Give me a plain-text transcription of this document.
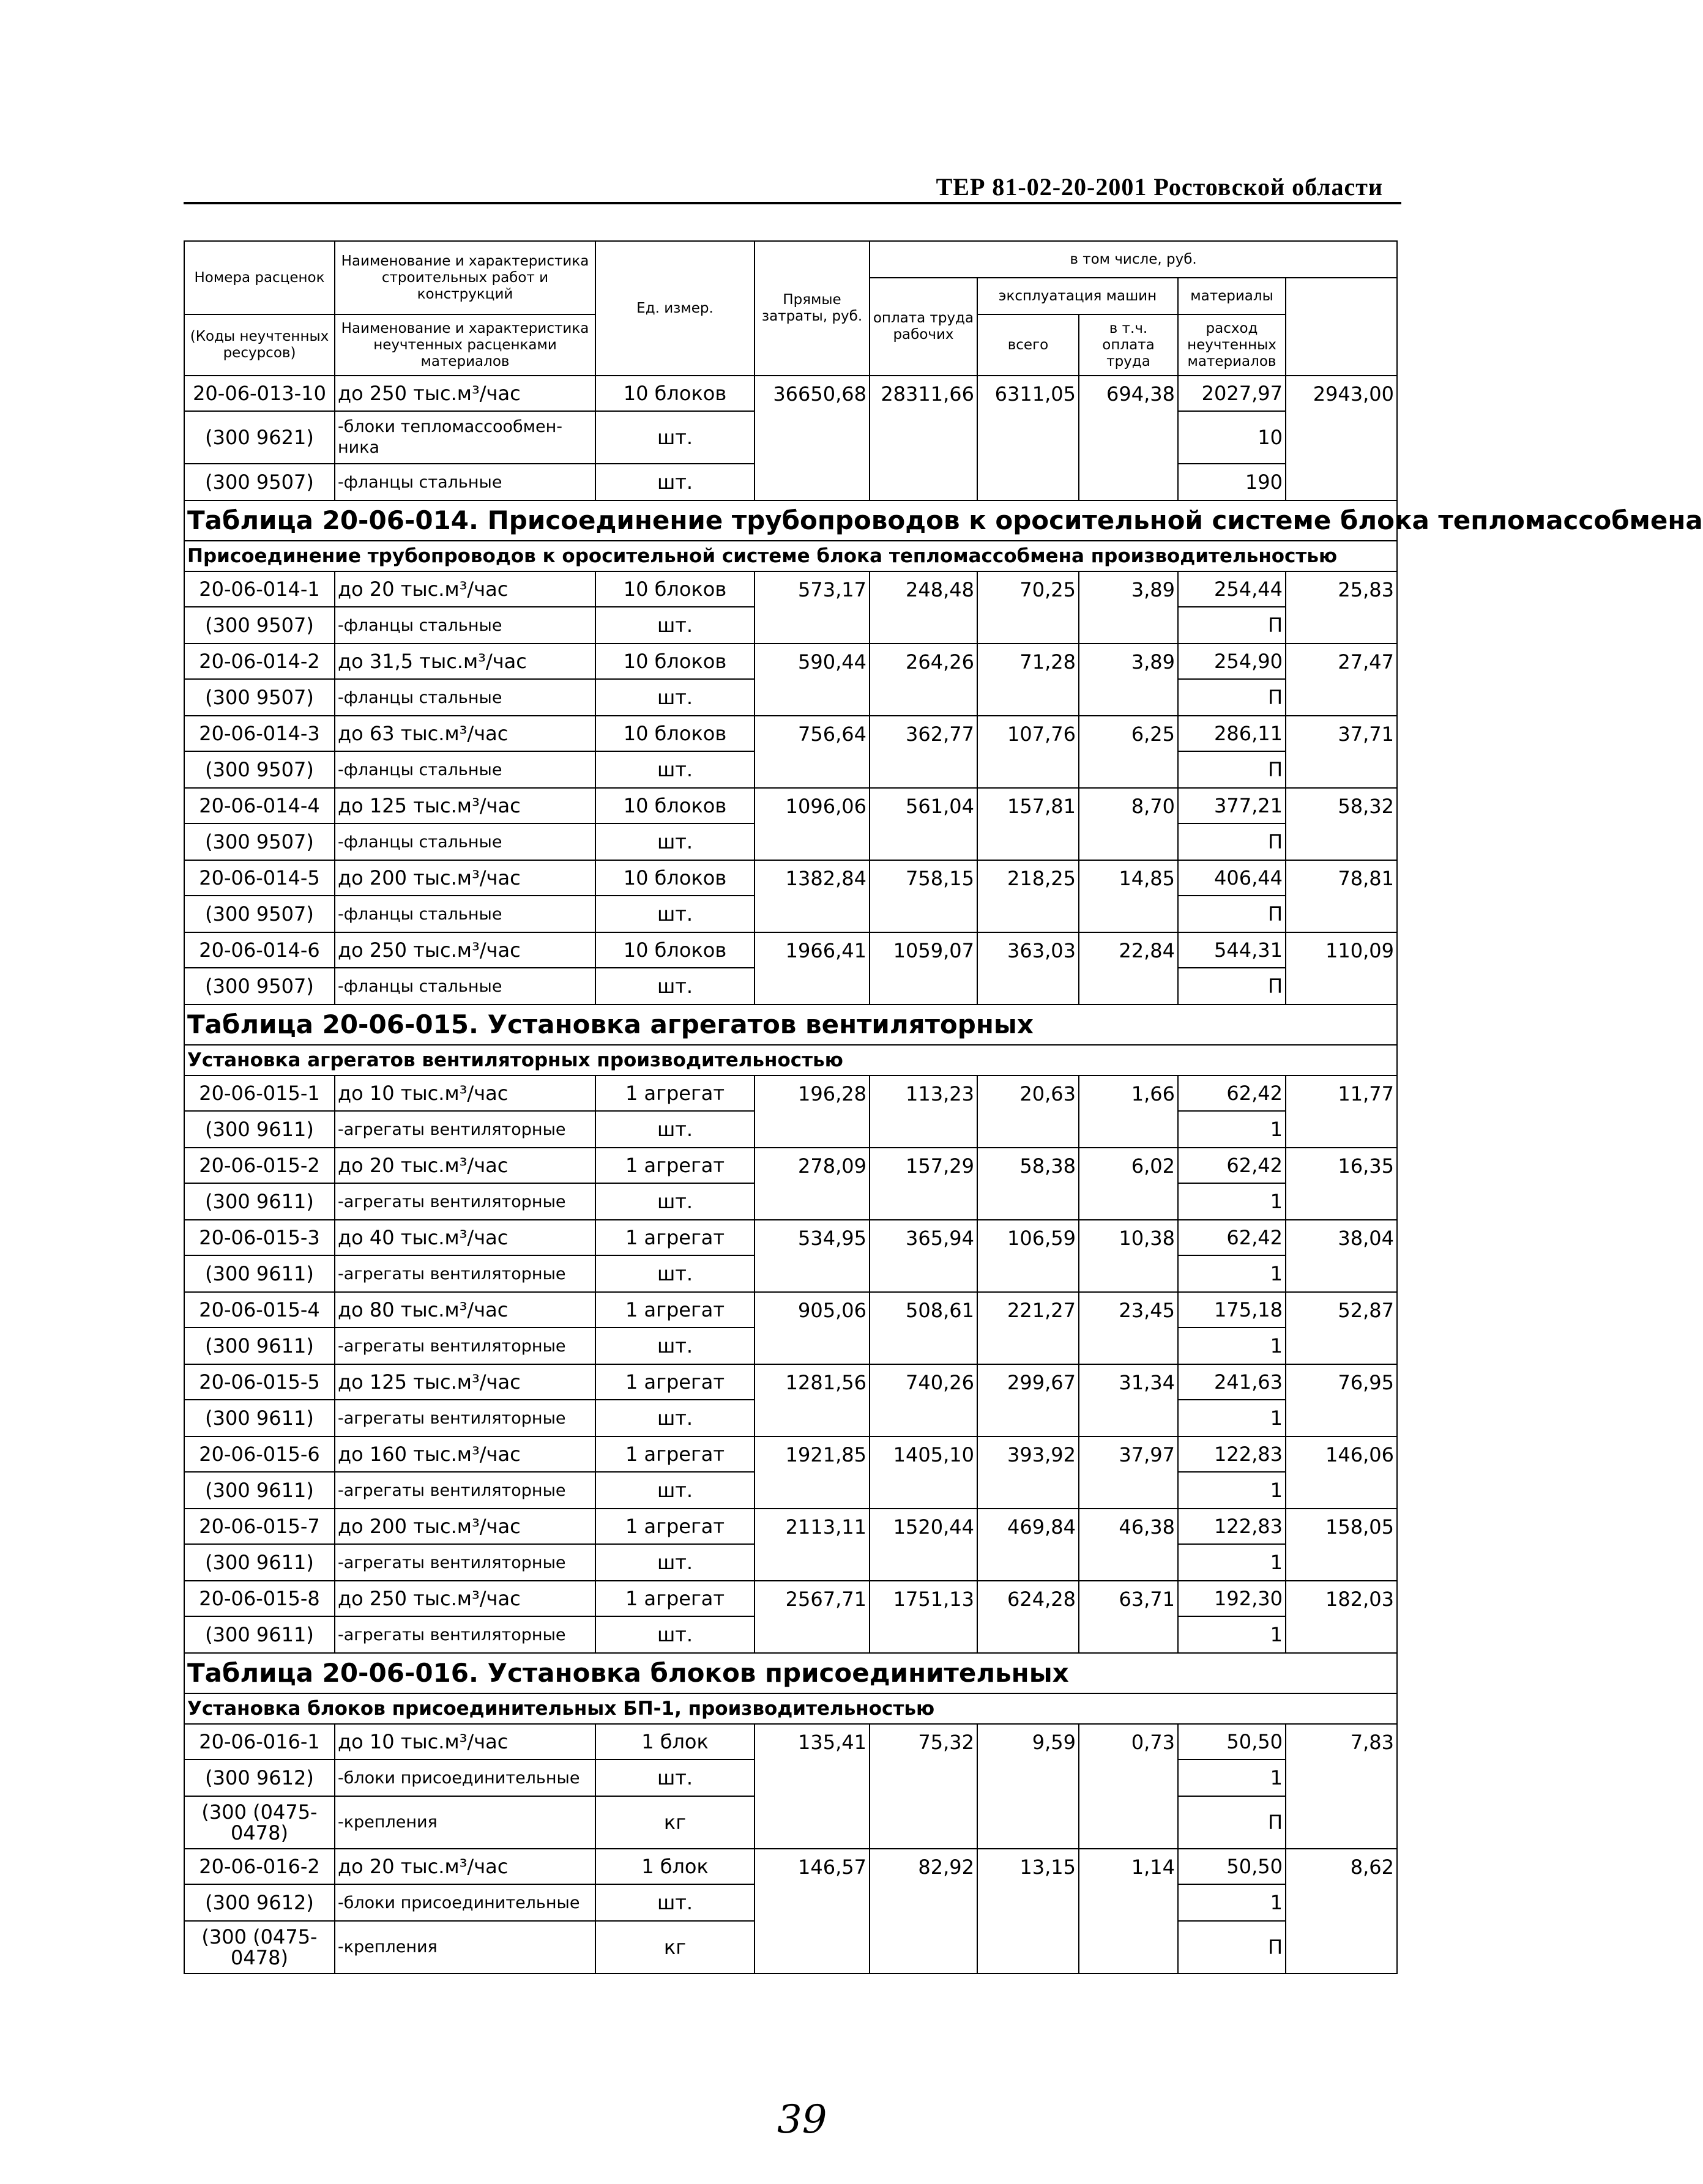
ТЕР 81-02-20-2001 Ростовской области
Номера расценок	Наименование и характеристика строительных работ и конструкций	Ед. измер.	Прямые затраты, руб.	в том числе, руб.	
				оплата труда рабочих	эксплуатация машин		материалы		
(Коды неучтенных ресурсов)	Наименование и характеристика неучтенных расценками материалов				всего	в т.ч. оплата труда	расход неучтенных материалов		

20-06-013-10	до 250 тыс.м³/час	10 блоков	36650,68	28311,66	6311,05	694,38	2027,97	2943,00	
(300 9621)	-блоки тепломассообмен-ника	шт.					10		
(300 9507)	-фланцы стальные	шт.					190		
Таблица 20-06-014. Присоединение трубопроводов к оросительной системе блока тепломассобмена									
Присоединение трубопроводов к оросительной системе блока тепломассобмена производительностью									
20-06-014-1	до 20 тыс.м³/час	10 блоков	573,17	248,48	70,25	3,89	254,44	25,83	
(300 9507)	-фланцы стальные	шт.					П		
20-06-014-2	до 31,5 тыс.м³/час	10 блоков	590,44	264,26	71,28	3,89	254,90	27,47	
(300 9507)	-фланцы стальные	шт.					П		
20-06-014-3	до 63 тыс.м³/час	10 блоков	756,64	362,77	107,76	6,25	286,11	37,71	
(300 9507)	-фланцы стальные	шт.					П		
20-06-014-4	до 125 тыс.м³/час	10 блоков	1096,06	561,04	157,81	8,70	377,21	58,32	
(300 9507)	-фланцы стальные	шт.					П		
20-06-014-5	до 200 тыс.м³/час	10 блоков	1382,84	758,15	218,25	14,85	406,44	78,81	
(300 9507)	-фланцы стальные	шт.					П		
20-06-014-6	до 250 тыс.м³/час	10 блоков	1966,41	1059,07	363,03	22,84	544,31	110,09	
(300 9507)	-фланцы стальные	шт.					П		
Таблица 20-06-015. Установка агрегатов вентиляторных									
Установка агрегатов вентиляторных производительностью									
20-06-015-1	до 10 тыс.м³/час	1 агрегат	196,28	113,23	20,63	1,66	62,42	11,77	
(300 9611)	-агрегаты вентиляторные	шт.					1		
20-06-015-2	до 20 тыс.м³/час	1 агрегат	278,09	157,29	58,38	6,02	62,42	16,35	
(300 9611)	-агрегаты вентиляторные	шт.					1		
20-06-015-3	до 40 тыс.м³/час	1 агрегат	534,95	365,94	106,59	10,38	62,42	38,04	
(300 9611)	-агрегаты вентиляторные	шт.					1		
20-06-015-4	до 80 тыс.м³/час	1 агрегат	905,06	508,61	221,27	23,45	175,18	52,87	
(300 9611)	-агрегаты вентиляторные	шт.					1		
20-06-015-5	до 125 тыс.м³/час	1 агрегат	1281,56	740,26	299,67	31,34	241,63	76,95	
(300 9611)	-агрегаты вентиляторные	шт.					1		
20-06-015-6	до 160 тыс.м³/час	1 агрегат	1921,85	1405,10	393,92	37,97	122,83	146,06	
(300 9611)	-агрегаты вентиляторные	шт.					1		
20-06-015-7	до 200 тыс.м³/час	1 агрегат	2113,11	1520,44	469,84	46,38	122,83	158,05	
(300 9611)	-агрегаты вентиляторные	шт.					1		
20-06-015-8	до 250 тыс.м³/час	1 агрегат	2567,71	1751,13	624,28	63,71	192,30	182,03	
(300 9611)	-агрегаты вентиляторные	шт.					1		
Таблица 20-06-016. Установка блоков присоединительных									
Установка блоков присоединительных БП-1, производительностью									
20-06-016-1	до 10 тыс.м³/час	1 блок	135,41	75,32	9,59	0,73	50,50	7,83	
(300 9612)	-блоки присоединительные	шт.					1		
(300 (0475-0478)	-крепления	кг					П		
20-06-016-2	до 20 тыс.м³/час	1 блок	146,57	82,92	13,15	1,14	50,50	8,62	
(300 9612)	-блоки присоединительные	шт.					1		
(300 (0475-0478)	-крепления	кг					П		
39
